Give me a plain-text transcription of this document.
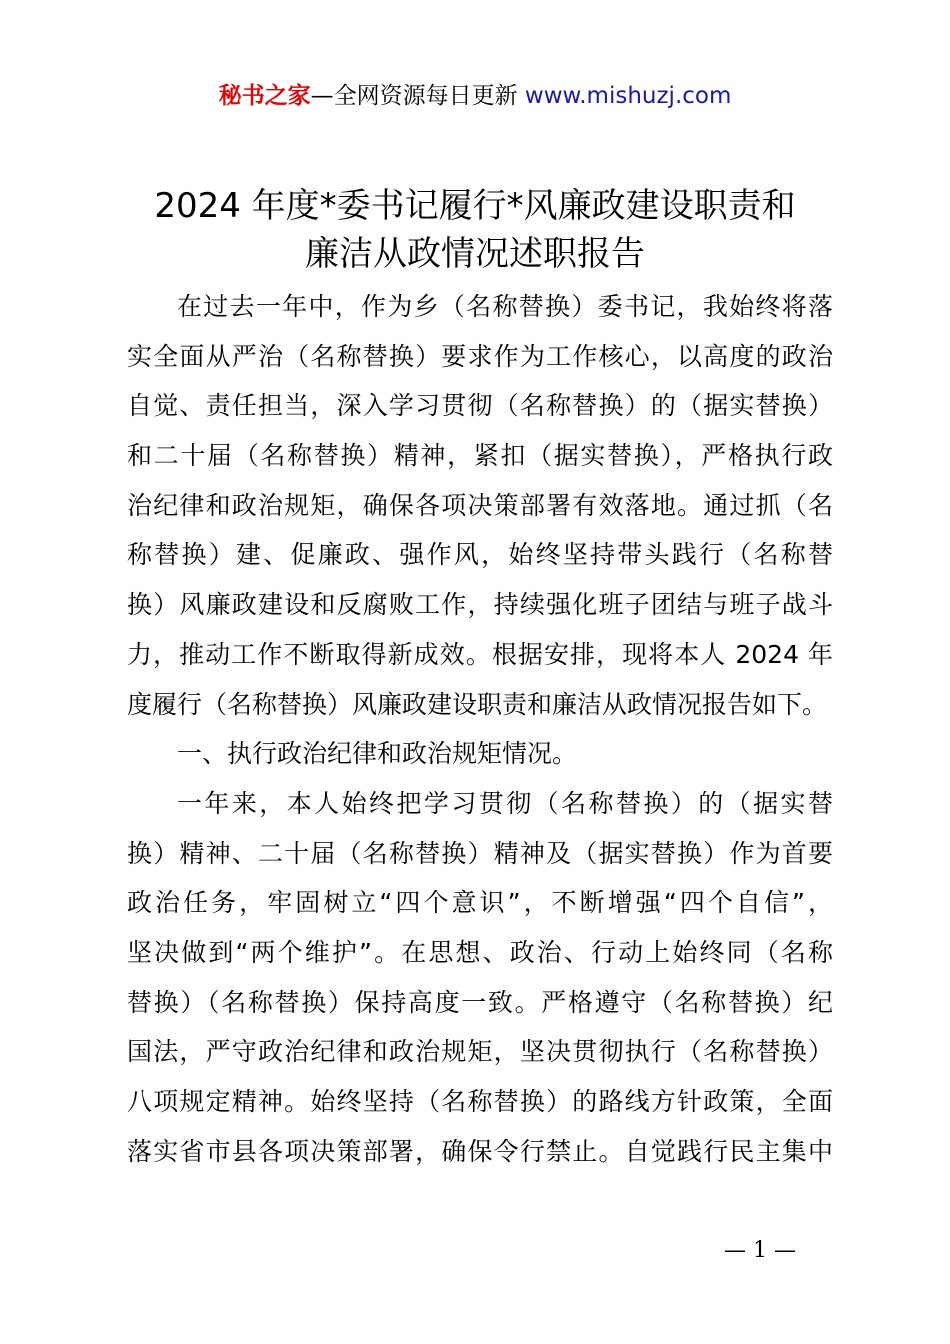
秘书之家—全网资源每日更新 www.mishuzj.com
2024 年度*委书记履行*风廉政建设职责和
廉洁从政情况述职报告
在过去一年中，作为乡（名称替换）委书记，我始终将落
实全面从严治（名称替换）要求作为工作核心，以高度的政治
自觉、责任担当，深入学习贯彻（名称替换）的（据实替换）
和二十届（名称替换）精神，紧扣（据实替换），严格执行政
治纪律和政治规矩，确保各项决策部署有效落地。通过抓（名
称替换）建、促廉政、强作风，始终坚持带头践行（名称替
换）风廉政建设和反腐败工作，持续强化班子团结与班子战斗
力，推动工作不断取得新成效。根据安排，现将本人 2024 年
度履行（名称替换）风廉政建设职责和廉洁从政情况报告如下。
一、执行政治纪律和政治规矩情况。
一年来，本人始终把学习贯彻（名称替换）的（据实替
换）精神、二十届（名称替换）精神及（据实替换）作为首要
政治任务，牢固树立“四个意识”，不断增强“四个自信”，
坚决做到“两个维护”。在思想、政治、行动上始终同（名称
替换）（名称替换）保持高度一致。严格遵守（名称替换）纪
国法，严守政治纪律和政治规矩，坚决贯彻执行（名称替换）
八项规定精神。始终坚持（名称替换）的路线方针政策，全面
落实省市县各项决策部署，确保令行禁止。自觉践行民主集中
— 1 —
